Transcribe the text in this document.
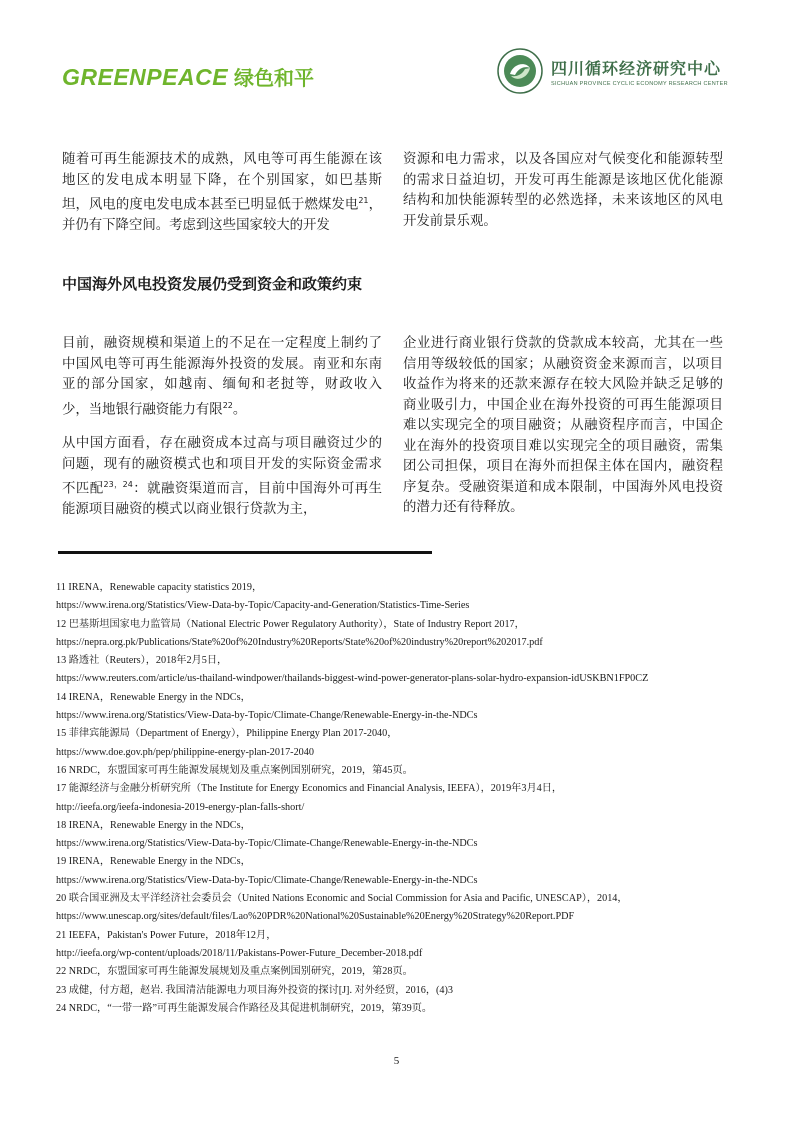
GREENPEACE 绿色和平	四川循环经济研究中心
SICHUAN PROVINCE CYCLIC ECONOMY RESEARCH CENTER

随着可再生能源技术的成熟，风电等可再生能源在该地区的发电成本明显下降，在个别国家，如巴基斯坦，风电的度电发电成本甚至已明显低于燃煤发电$^{21}$，并仍有下降空间。考虑到这些国家较大的开发

资源和电力需求，以及各国应对气候变化和能源转型的需求日益迫切，开发可再生能源是该地区优化能源结构和加快能源转型的必然选择，未来该地区的风电开发前景乐观。

中国海外风电投资发展仍受到资金和政策约束

目前，融资规模和渠道上的不足在一定程度上制约了中国风电等可再生能源海外投资的发展。南亚和东南亚的部分国家，如越南、缅甸和老挝等，财政收入少，当地银行融资能力有限$^{22}$。

从中国方面看，存在融资成本过高与项目融资过少的问题，现有的融资模式也和项目开发的实际资金需求不匹配$^{23,24}$：就融资渠道而言，目前中国海外可再生能源项目融资的模式以商业银行贷款为主，

企业进行商业银行贷款的贷款成本较高，尤其在一些信用等级较低的国家；从融资资金来源而言，以项目收益作为将来的还款来源存在较大风险并缺乏足够的商业吸引力，中国企业在海外投资的可再生能源项目难以实现完全的项目融资；从融资程序而言，中国企业在海外的投资项目难以实现完全的项目融资，需集团公司担保，项目在海外而担保主体在国内，融资程序复杂。受融资渠道和成本限制，中国海外风电投资的潜力还有待释放。

11 IRENA，Renewable capacity statistics 2019，
https://www.irena.org/Statistics/View-Data-by-Topic/Capacity-and-Generation/Statistics-Time-Series
12 巴基斯坦国家电力监管局（National Electric Power Regulatory Authority），State of Industry Report 2017，
https://nepra.org.pk/Publications/State%20of%20Industry%20Reports/State%20of%20industry%20report%202017.pdf
13 路透社（Reuters），2018年2月5日，
https://www.reuters.com/article/us-thailand-windpower/thailands-biggest-wind-power-generator-plans-solar-hydro-expansion-idUSKBN1FP0CZ
14 IRENA，Renewable Energy in the NDCs，
https://www.irena.org/Statistics/View-Data-by-Topic/Climate-Change/Renewable-Energy-in-the-NDCs
15 菲律宾能源局（Department of Energy），Philippine Energy Plan 2017-2040，
https://www.doe.gov.ph/pep/philippine-energy-plan-2017-2040
16 NRDC，东盟国家可再生能源发展规划及重点案例国别研究，2019，第45页。
17 能源经济与金融分析研究所（The Institute for Energy Economics and Financial Analysis, IEEFA），2019年3月4日，
http://ieefa.org/ieefa-indonesia-2019-energy-plan-falls-short/
18 IRENA，Renewable Energy in the NDCs，
https://www.irena.org/Statistics/View-Data-by-Topic/Climate-Change/Renewable-Energy-in-the-NDCs
19 IRENA，Renewable Energy in the NDCs，
https://www.irena.org/Statistics/View-Data-by-Topic/Climate-Change/Renewable-Energy-in-the-NDCs
20 联合国亚洲及太平洋经济社会委员会（United Nations Economic and Social Commission for Asia and Pacific, UNESCAP），2014，
https://www.unescap.org/sites/default/files/Lao%20PDR%20National%20Sustainable%20Energy%20Strategy%20Report.PDF
21 IEEFA，Pakistan's Power Future，2018年12月，
http://ieefa.org/wp-content/uploads/2018/11/Pakistans-Power-Future_December-2018.pdf
22 NRDC，东盟国家可再生能源发展规划及重点案例国别研究，2019，第28页。
23 成健，付方超，赵岩. 我国清洁能源电力项目海外投资的探讨[J]. 对外经贸，2016，(4)3
24 NRDC，“一带一路”可再生能源发展合作路径及其促进机制研究，2019，第39页。
5
